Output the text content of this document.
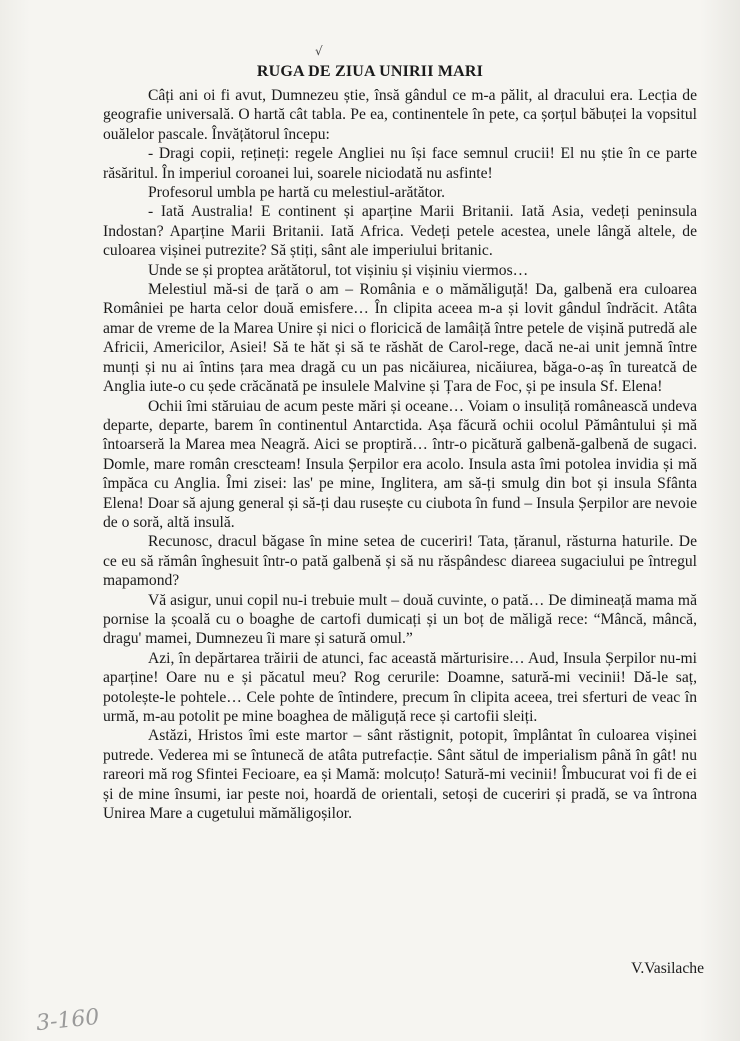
√
RUGA DE ZIUA UNIRII MARI

Câți ani oi fi avut, Dumnezeu știe, însă gândul ce m-a pălit, al dracului era. Lecția de geografie universală. O hartă cât tabla. Pe ea, continentele în pete, ca șorțul băbuței la vopsitul ouălelor pascale. Învățătorul începu:

- Dragi copii, rețineți: regele Angliei nu își face semnul crucii! El nu știe în ce parte răsăritul. În imperiul coroanei lui, soarele niciodată nu asfinte!

Profesorul umbla pe hartă cu melestiul-arătător.

- Iată Australia! E continent și aparține Marii Britanii. Iată Asia, vedeți peninsula Indostan? Aparține Marii Britanii. Iată Africa. Vedeți petele acestea, unele lângă altele, de culoarea vișinei putrezite? Să știți, sânt ale imperiului britanic.

Unde se și proptea arătătorul, tot vișiniu și vișiniu viermos…

Melestiul mă-si de țară o am – România e o mămăliguță! Da, galbenă era culoarea României pe harta celor două emisfere… În clipita aceea m-a și lovit gândul îndrăcit. Atâta amar de vreme de la Marea Unire și nici o floricică de lamâiță între petele de vișină putredă ale Africii, Americilor, Asiei! Să te hăt și să te răshăt de Carol-rege, dacă ne-ai unit jemnă între munți și nu ai întins țara mea dragă cu un pas nicăiurea, nicăiurea, băga-o-aș în tureatcă de Anglia iute-o cu șede crăcănată pe insulele Malvine și Țara de Foc, și pe insula Sf. Elena!

Ochii îmi stăruiau de acum peste mări și oceane… Voiam o insuliță românească undeva departe, departe, barem în continentul Antarctida. Așa făcură ochii ocolul Pământului și mă întoarseră la Marea mea Neagră. Aici se proptiră… într-o picătură galbenă-galbenă de sugaci. Domle, mare român crescteam! Insula Șerpilor era acolo. Insula asta îmi potolea invidia și mă împăca cu Anglia. Îmi zisei: las' pe mine, Inglitera, am să-ți smulg din bot și insula Sfânta Elena! Doar să ajung general și să-ți dau rusește cu ciubota în fund – Insula Șerpilor are nevoie de o soră, altă insulă.

Recunosc, dracul băgase în mine setea de cuceriri! Tata, țăranul, răsturna haturile. De ce eu să rămân înghesuit într-o pată galbenă și să nu răspândesc diareea sugaciului pe întregul mapamond?

Vă asigur, unui copil nu-i trebuie mult – două cuvinte, o pată… De dimineață mama mă pornise la școală cu o boaghe de cartofi dumicați și un boț de măligă rece: “Mâncă, mâncă, dragu' mamei, Dumnezeu îi mare și satură omul.”

Azi, în depărtarea trăirii de atunci, fac această mărturisire… Aud, Insula Șerpilor nu-mi aparține! Oare nu e și păcatul meu? Rog cerurile: Doamne, satură-mi vecinii! Dă-le saț, potolește-le pohtele… Cele pohte de întindere, precum în clipita aceea, trei sferturi de veac în urmă, m-au potolit pe mine boaghea de măliguță rece și cartofii sleiți.

Astăzi, Hristos îmi este martor – sânt răstignit, potopit, împlântat în culoarea vișinei putrede. Vederea mi se întunecă de atâta putrefacție. Sânt sătul de imperialism până în gât! nu rareori mă rog Sfintei Fecioare, ea și Mamă: molcuțo! Satură-mi vecinii! Îmbucurat voi fi de ei și de mine însumi, iar peste noi, hoardă de orientali, setoși de cuceriri și pradă, se va întrona Unirea Mare a cugetului mămăligoșilor.

V.Vasilache
3-160
